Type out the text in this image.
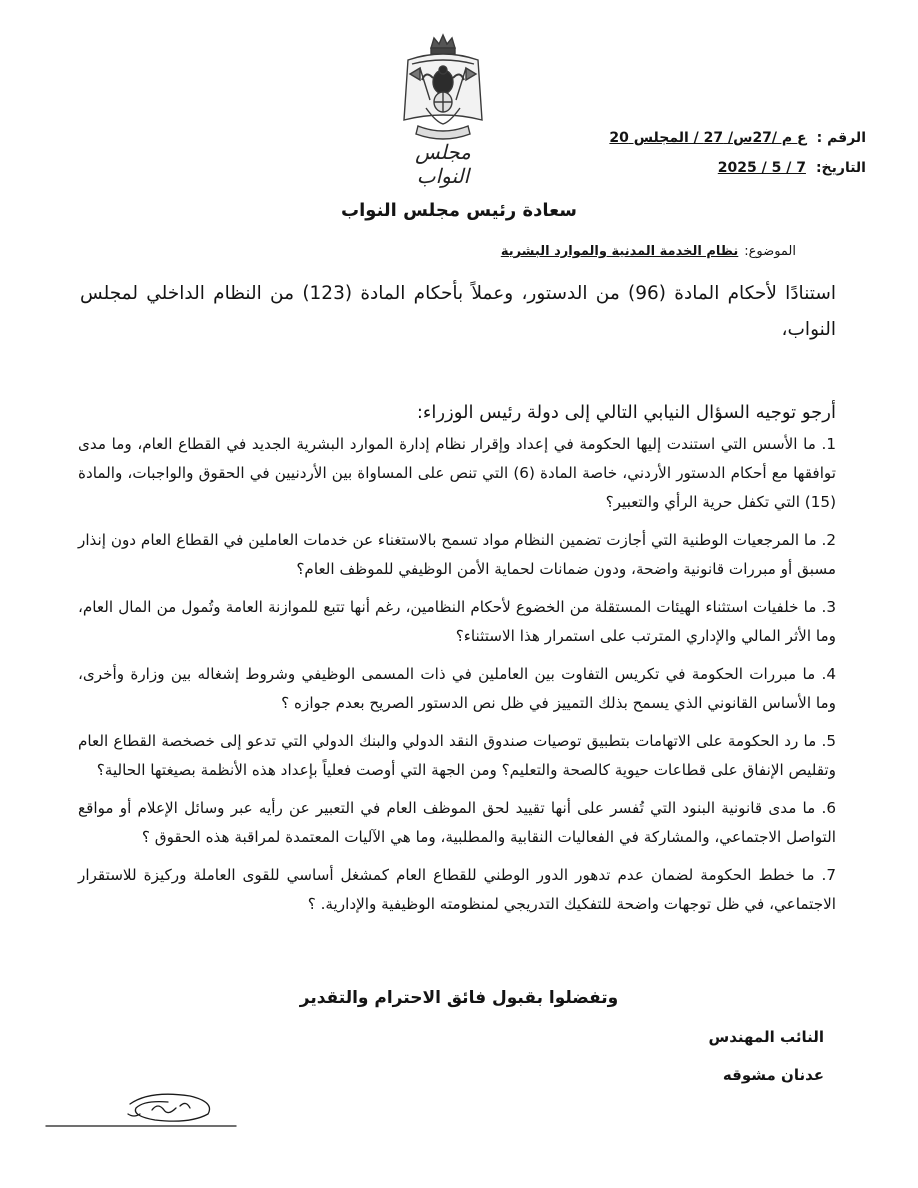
مجلس النواب
الرقم :
ع م /27س/ 27 / المجلس 20
التاريخ:
2025 / 5 / 7
سعادة رئيس مجلس النواب
الموضوع:
نظام الخدمة المدنية والموارد البشرية

استنادًا لأحكام المادة (96) من الدستور، وعملاً بأحكام المادة (123) من النظام الداخلي لمجلس النواب،

أرجو توجيه السؤال النيابي التالي إلى دولة رئيس الوزراء:

1. ما الأسس التي استندت إليها الحكومة في إعداد وإقرار نظام إدارة الموارد البشرية الجديد في القطاع العام، وما مدى توافقها مع أحكام الدستور الأردني، خاصة المادة (6) التي تنص على المساواة بين الأردنيين في الحقوق والواجبات، والمادة (15) التي تكفل حرية الرأي والتعبير؟
2. ما المرجعيات الوطنية التي أجازت تضمين النظام مواد تسمح بالاستغناء عن خدمات العاملين في القطاع العام دون إنذار مسبق أو مبررات قانونية واضحة، ودون ضمانات لحماية الأمن الوظيفي للموظف العام؟
3. ما خلفيات استثناء الهيئات المستقلة من الخضوع لأحكام النظامين، رغم أنها تتبع للموازنة العامة وتُمول من المال العام، وما الأثر المالي والإداري المترتب على استمرار هذا الاستثناء؟
4. ما مبررات الحكومة في تكريس التفاوت بين العاملين في ذات المسمى الوظيفي وشروط إشغاله بين وزارة وأخرى، وما الأساس القانوني الذي يسمح بذلك التمييز في ظل نص الدستور الصريح بعدم جوازه ؟
5. ما رد الحكومة على الاتهامات بتطبيق توصيات صندوق النقد الدولي والبنك الدولي التي تدعو إلى خصخصة القطاع العام وتقليص الإنفاق على قطاعات حيوية كالصحة والتعليم؟ ومن الجهة التي أوصت فعلياً بإعداد هذه الأنظمة بصيغتها الحالية؟
6. ما مدى قانونية البنود التي تُفسر على أنها تقييد لحق الموظف العام في التعبير عن رأيه عبر وسائل الإعلام أو مواقع التواصل الاجتماعي، والمشاركة في الفعاليات النقابية والمطلبية، وما هي الآليات المعتمدة لمراقبة هذه الحقوق ؟
7. ما خطط الحكومة لضمان عدم تدهور الدور الوطني للقطاع العام كمشغل أساسي للقوى العاملة وركيزة للاستقرار الاجتماعي، في ظل توجهات واضحة للتفكيك التدريجي لمنظومته الوظيفية والإدارية. ؟
وتفضلوا بقبول فائق الاحترام والتقدير
النائب المهندس
عدنان مشوقه
